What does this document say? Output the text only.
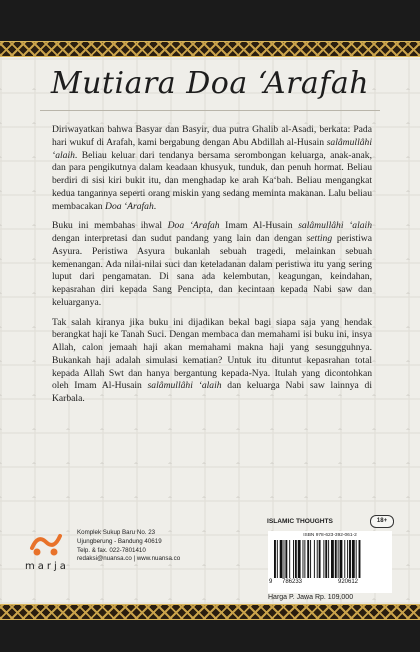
Mutiara Doa ‘Arafah

Diriwayatkan bahwa Basyar dan Basyir, dua putra Ghalib al-Asadi, berkata: Pada hari wukuf di Arafah, kami bergabung dengan Abu Abdillah al-Husain salâmullâhi ‘alaih. Beliau keluar dari tendanya bersama serombongan keluarga, anak-anak, dan para pengikutnya dalam keadaan khusyuk, tunduk, dan penuh hormat. Beliau berdiri di sisi kiri bukit itu, dan menghadap ke arah Ka‘bah. Beliau mengangkat kedua tangannya seperti orang miskin yang sedang meminta makanan. Lalu beliau membacakan Doa ‘Arafah.

Buku ini membahas ihwal Doa ‘Arafah Imam Al-Husain salâmullâhi ‘alaih dengan interpretasi dan sudut pandang yang lain dan dengan setting peristiwa Asyura. Peristiwa Asyura bukanlah sebuah tragedi, melainkan sebuah kemenangan. Ada nilai-nilai suci dan keteladanan dalam peristiwa itu yang sering luput dari pengamatan. Di sana ada kelembutan, keagungan, keindahan, kepasrahan diri kepada Sang Pencipta, dan kecintaan kepada Nabi saw dan keluarganya.

Tak salah kiranya jika buku ini dijadikan bekal bagi siapa saja yang hendak berangkat haji ke Tanah Suci. Dengan membaca dan memahami isi buku ini, insya Allah, calon jemaah haji akan memahami makna haji yang sesungguhnya. Bukankah haji adalah simulasi kematian? Untuk itu dituntut kepasrahan total kepada Allah Swt dan hanya bergantung kepada-Nya. Itulah yang dicontohkan oleh Imam Al-Husain salâmullâhi ‘alaih dan keluarga Nabi saw lainnya di Karbala.

marja
Komplek Sukup Baru No. 23
Ujungberung - Bandung 40619
Telp. & fax. 022-7801410
redaksi@nuansa.co | www.nuansa.co
ISLAMIC THOUGHTS	18+
ISBN 978-623-392-061-2
9 786233	920612
Harga P. Jawa Rp. 109.000
